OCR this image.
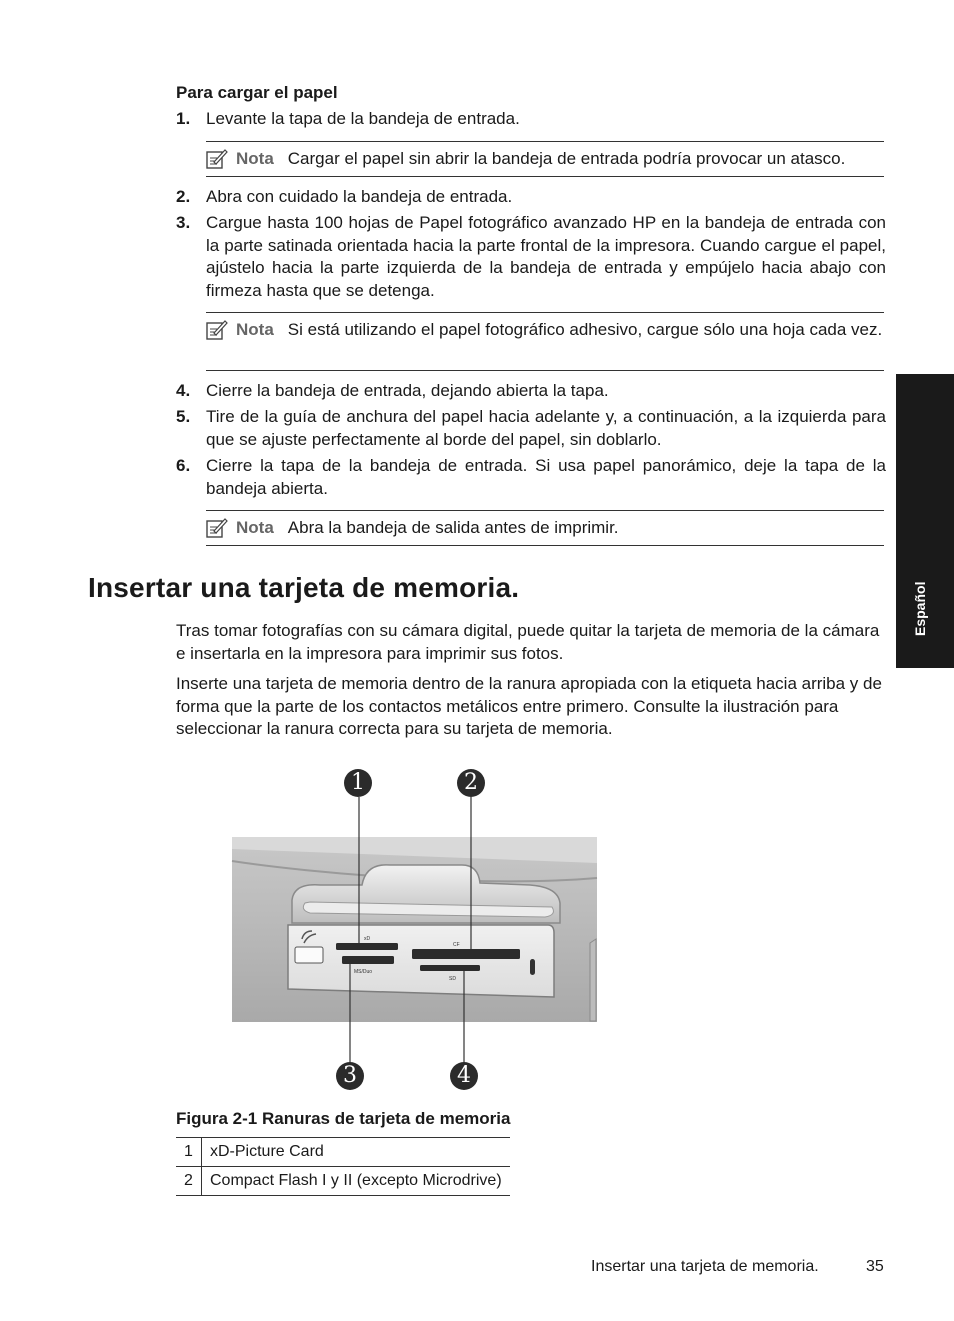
Para cargar el papel
1. Levante la tapa de la bandeja de entrada.
Nota Cargar el papel sin abrir la bandeja de entrada podría provocar un atasco.
2. Abra con cuidado la bandeja de entrada.
3. Cargue hasta 100 hojas de Papel fotográfico avanzado HP en la bandeja de entrada con la parte satinada orientada hacia la parte frontal de la impresora. Cuando cargue el papel, ajústelo hacia la parte izquierda de la bandeja de entrada y empújelo hacia abajo con firmeza hasta que se detenga.
Nota Si está utilizando el papel fotográfico adhesivo, cargue sólo una hoja cada vez.
4. Cierre la bandeja de entrada, dejando abierta la tapa.
5. Tire de la guía de anchura del papel hacia adelante y, a continuación, a la izquierda para que se ajuste perfectamente al borde del papel, sin doblarlo.
6. Cierre la tapa de la bandeja de entrada. Si usa papel panorámico, deje la tapa de la bandeja abierta.
Nota Abra la bandeja de salida antes de imprimir.
Insertar una tarjeta de memoria.
Tras tomar fotografías con su cámara digital, puede quitar la tarjeta de memoria de la cámara e insertarla en la impresora para imprimir sus fotos.
Inserte una tarjeta de memoria dentro de la ranura apropiada con la etiqueta hacia arriba y de forma que la parte de los contactos metálicos entre primero. Consulte la ilustración para seleccionar la ranura correcta para su tarjeta de memoria.
xD
CF
MS/Duo
SD
1	2
3	4
Figura 2-1 Ranuras de tarjeta de memoria
1	xD-Picture Card
2	Compact Flash I y II (excepto Microdrive)
Español
Insertar una tarjeta de memoria.	35
